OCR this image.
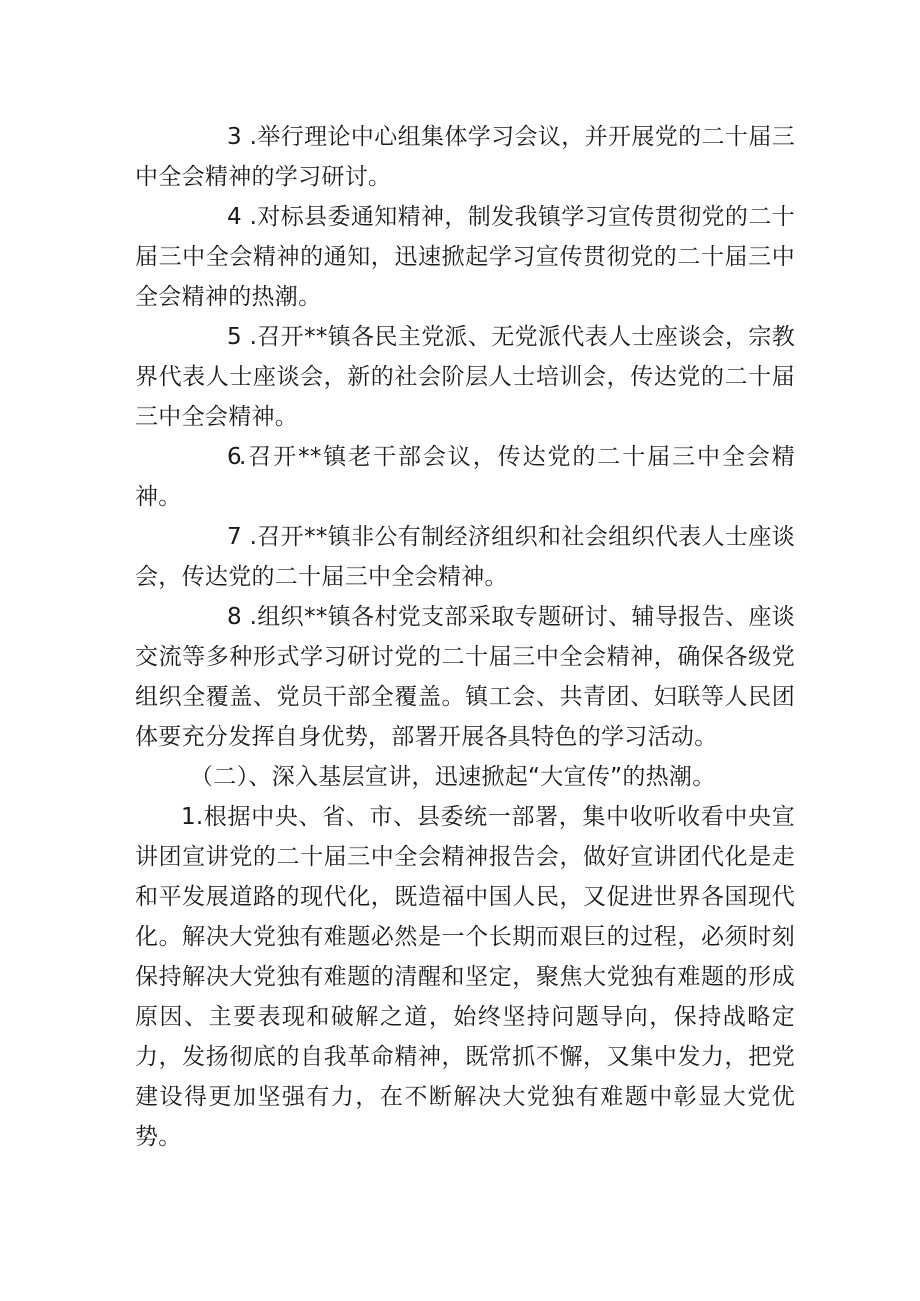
3 .举行理论中心组集体学习会议，并开展党的二十届三中全会精神的学习研讨。

4 .对标县委通知精神，制发我镇学习宣传贯彻党的二十届三中全会精神的通知，迅速掀起学习宣传贯彻党的二十届三中全会精神的热潮。

5 .召开**镇各民主党派、无党派代表人士座谈会，宗教界代表人士座谈会，新的社会阶层人士培训会，传达党的二十届三中全会精神。

6.召开**镇老干部会议，传达党的二十届三中全会精神。

7 .召开**镇非公有制经济组织和社会组织代表人士座谈会，传达党的二十届三中全会精神。

8 .组织**镇各村党支部采取专题研讨、辅导报告、座谈交流等多种形式学习研讨党的二十届三中全会精神，确保各级党组织全覆盖、党员干部全覆盖。镇工会、共青团、妇联等人民团体要充分发挥自身优势，部署开展各具特色的学习活动。

（二）、深入基层宣讲，迅速掀起“大宣传”的热潮。

1.根据中央、省、市、县委统一部署，集中收听收看中央宣讲团宣讲党的二十届三中全会精神报告会，做好宣讲团代化是走和平发展道路的现代化，既造福中国人民，又促进世界各国现代化。解决大党独有难题必然是一个长期而艰巨的过程，必须时刻保持解决大党独有难题的清醒和坚定，聚焦大党独有难题的形成原因、主要表现和破解之道，始终坚持问题导向，保持战略定力，发扬彻底的自我革命精神，既常抓不懈，又集中发力，把党建设得更加坚强有力，在不断解决大党独有难题中彰显大党优势。
